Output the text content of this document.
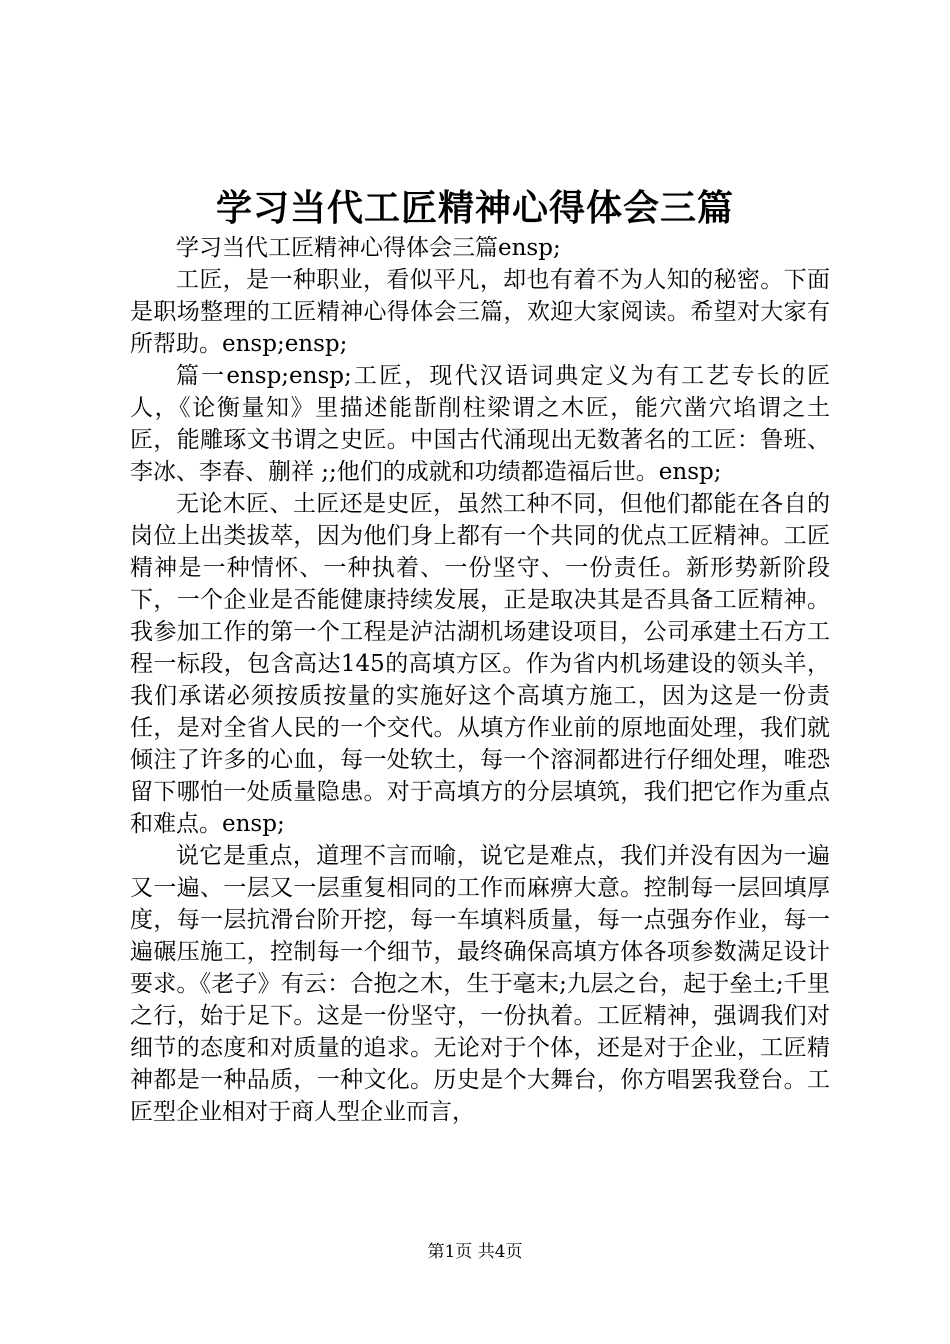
学习当代工匠精神心得体会三篇

学习当代工匠精神心得体会三篇ensp;

工匠，是一种职业，看似平凡，却也有着不为人知的秘密。下面是职场整理的工匠精神心得体会三篇，欢迎大家阅读。希望对大家有所帮助。ensp;ensp;

篇一ensp;ensp;工匠，现代汉语词典定义为有工艺专长的匠人，《论衡量知》里描述能斮削柱梁谓之木匠，能穴凿穴埳谓之土匠，能雕琢文书谓之史匠。中国古代涌现出无数著名的工匠：鲁班、李冰、李春、蒯祥 ;;他们的成就和功绩都造福后世。ensp;

无论木匠、土匠还是史匠，虽然工种不同，但他们都能在各自的岗位上出类拔萃，因为他们身上都有一个共同的优点工匠精神。工匠精神是一种情怀、一种执着、一份坚守、一份责任。新形势新阶段下，一个企业是否能健康持续发展，正是取决其是否具备工匠精神。我参加工作的第一个工程是泸沽湖机场建设项目，公司承建土石方工程一标段，包含高达145的高填方区。作为省内机场建设的领头羊，我们承诺必须按质按量的实施好这个高填方施工，因为这是一份责任，是对全省人民的一个交代。从填方作业前的原地面处理，我们就倾注了许多的心血，每一处软土，每一个溶洞都进行仔细处理，唯恐留下哪怕一处质量隐患。对于高填方的分层填筑，我们把它作为重点和难点。ensp;

说它是重点，道理不言而喻，说它是难点，我们并没有因为一遍又一遍、一层又一层重复相同的工作而麻痹大意。控制每一层回填厚度，每一层抗滑台阶开挖，每一车填料质量，每一点强夯作业，每一遍碾压施工，控制每一个细节，最终确保高填方体各项参数满足设计要求。《老子》有云：合抱之木，生于毫末;九层之台，起于垒土;千里之行，始于足下。这是一份坚守，一份执着。工匠精神，强调我们对细节的态度和对质量的追求。无论对于个体，还是对于企业，工匠精神都是一种品质，一种文化。历史是个大舞台，你方唱罢我登台。工匠型企业相对于商人型企业而言，

第1页 共4页
